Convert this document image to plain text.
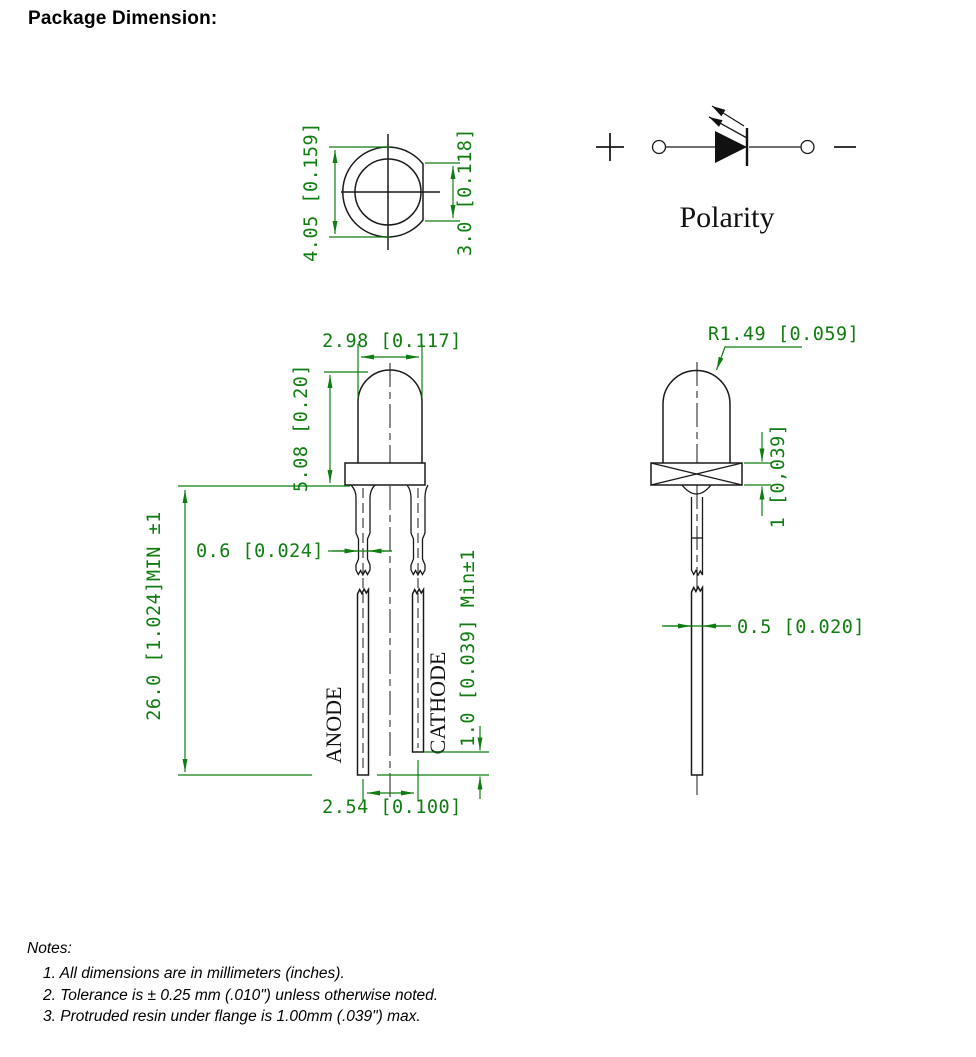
Package Dimension:
4.05 [0.159]	3.0 [0.118]	Polarity
ANODE	CATHODE
2.98 [0.117]
5.08 [0.20]
26.0 [1.024]MIN ±1 0.6 [0.024]
2.54 [0.100]
1.0 [0.039] Min±1
R1.49 [0.059]
1 [0,039]
0.5 [0.020]
Notes:
1. All dimensions are in millimeters (inches).
2. Tolerance is ± 0.25 mm (.010") unless otherwise noted.
3. Protruded resin under flange is 1.00mm (.039") max.
